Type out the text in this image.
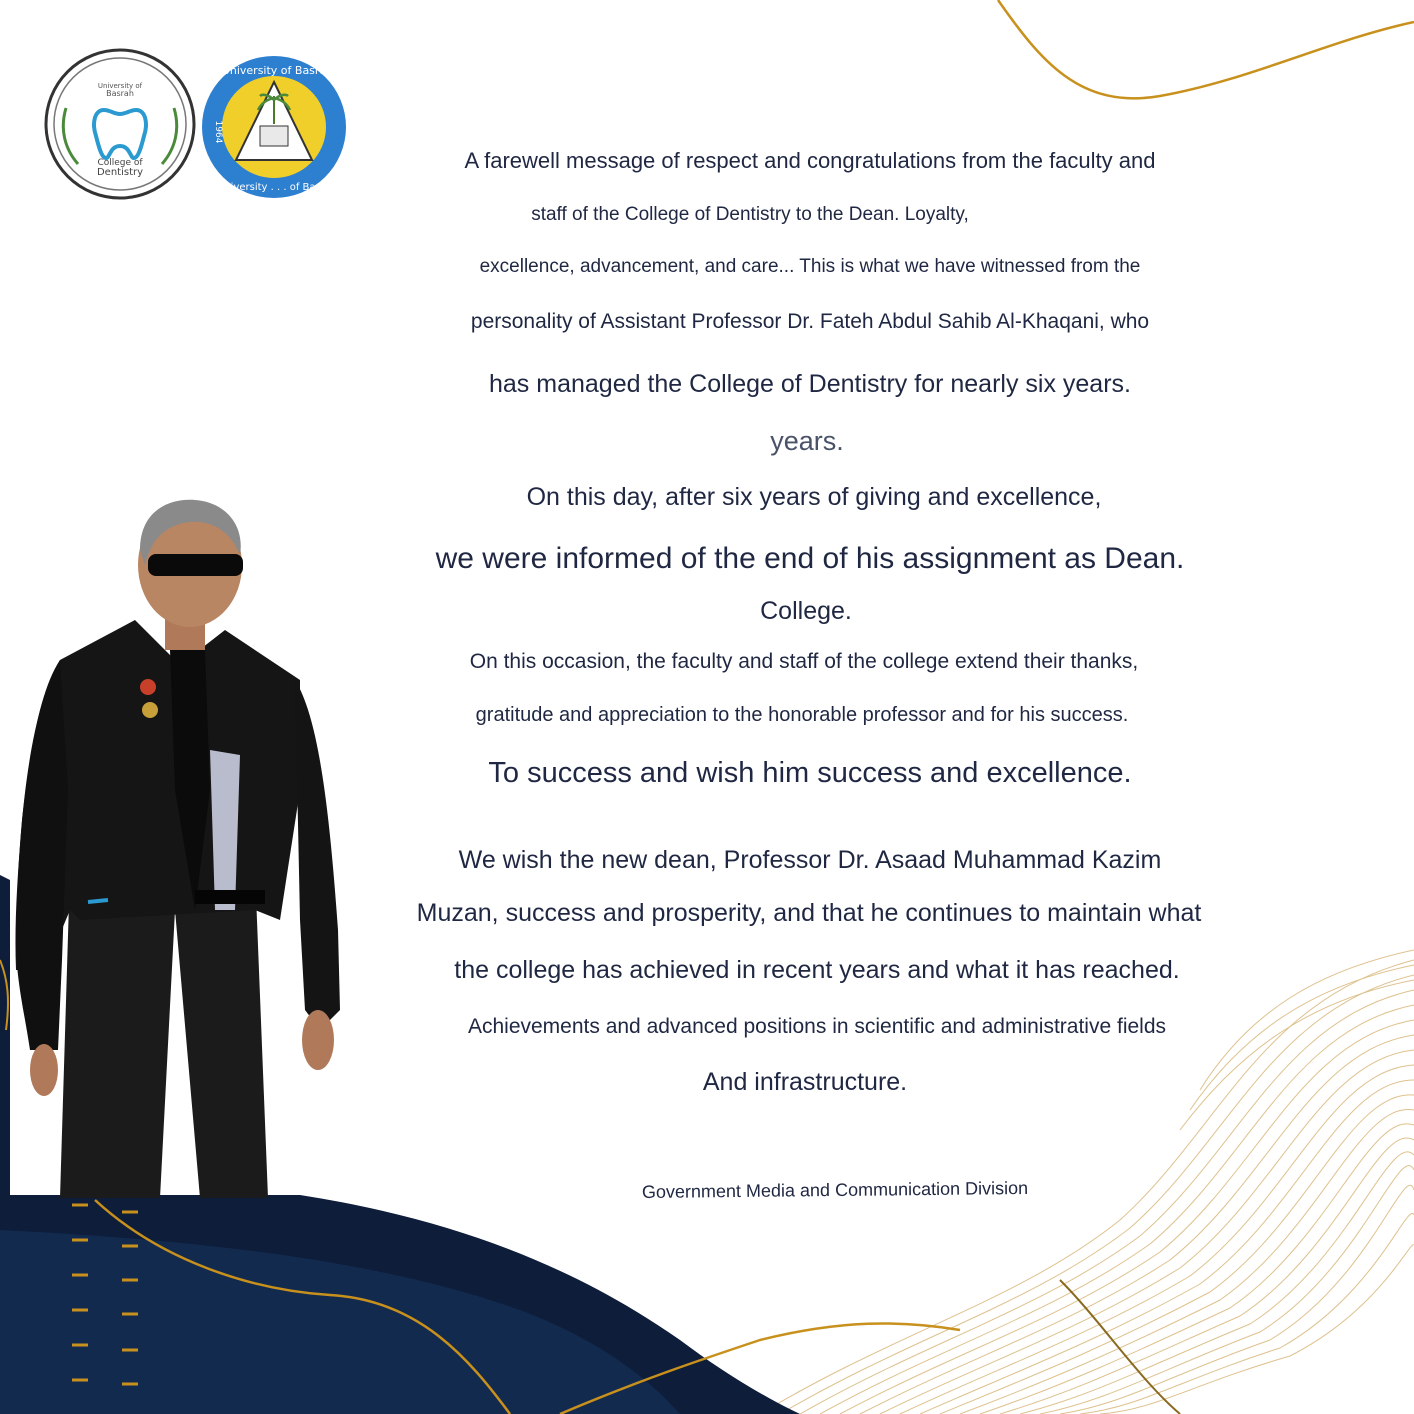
University of
Basrah
College of
Dentistry
University of Basra
University . . . of Basra
1964

A farewell message of respect and congratulations from the faculty and

staff of the College of Dentistry to the Dean. Loyalty,

excellence, advancement, and care... This is what we have witnessed from the

personality of Assistant Professor Dr. Fateh Abdul Sahib Al-Khaqani, who

has managed the College of Dentistry for nearly six years.

years.

On this day, after six years of giving and excellence,

we were informed of the end of his assignment as Dean.

College.

On this occasion, the faculty and staff of the college extend their thanks,

gratitude and appreciation to the honorable professor and for his success.

To success and wish him success and excellence.

We wish the new dean, Professor Dr. Asaad Muhammad Kazim

Muzan, success and prosperity, and that he continues to maintain what

the college has achieved in recent years and what it has reached.

Achievements and advanced positions in scientific and administrative fields

And infrastructure.

Government Media and Communication Division
